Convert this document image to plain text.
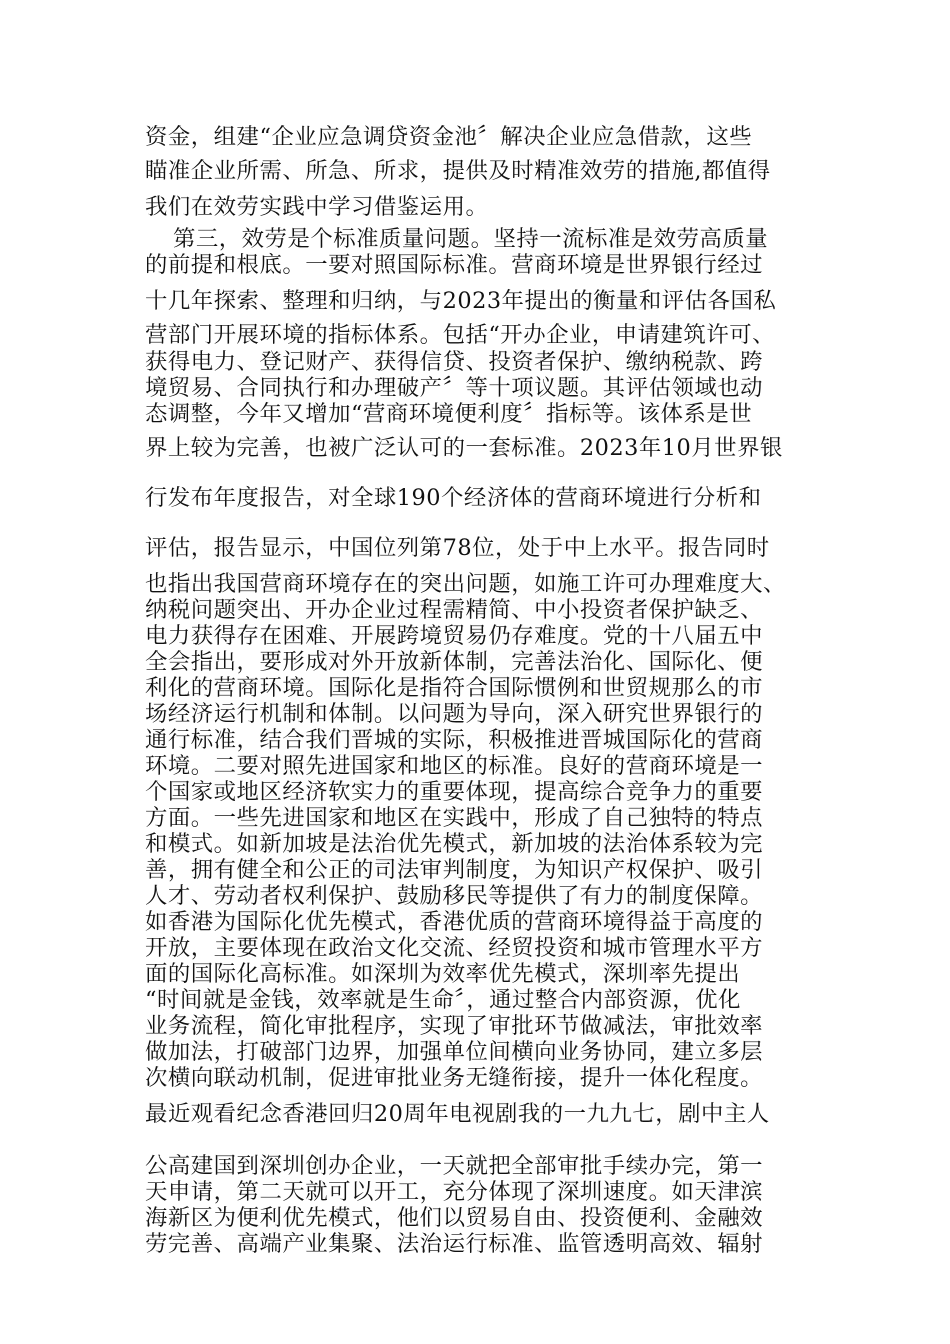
资金，组建“企业应急调贷资金池〞解决企业应急借款，这些

瞄准企业所需、所急、所求，提供及时精准效劳的措施,都值得

我们在效劳实践中学习借鉴运用。

第三，效劳是个标准质量问题。坚持一流标准是效劳高质量

的前提和根底。一要对照国际标准。营商环境是世界银行经过

十几年探索、整理和归纳，与2023年提出的衡量和评估各国私

营部门开展环境的指标体系。包括“开办企业，申请建筑许可、

获得电力、登记财产、获得信贷、投资者保护、缴纳税款、跨

境贸易、合同执行和办理破产〞等十项议题。其评估领域也动

态调整，今年又增加“营商环境便利度〞指标等。该体系是世

界上较为完善，也被广泛认可的一套标准。2023年10月世界银

行发布年度报告，对全球190个经济体的营商环境进行分析和

评估，报告显示，中国位列第78位，处于中上水平。报告同时

也指出我国营商环境存在的突出问题，如施工许可办理难度大、

纳税问题突出、开办企业过程需精简、中小投资者保护缺乏、

电力获得存在困难、开展跨境贸易仍存难度。党的十八届五中

全会指出，要形成对外开放新体制，完善法治化、国际化、便

利化的营商环境。国际化是指符合国际惯例和世贸规那么的市

场经济运行机制和体制。以问题为导向，深入研究世界银行的

通行标准，结合我们晋城的实际，积极推进晋城国际化的营商

环境。二要对照先进国家和地区的标准。良好的营商环境是一

个国家或地区经济软实力的重要体现，提高综合竞争力的重要

方面。一些先进国家和地区在实践中，形成了自己独特的特点

和模式。如新加坡是法治优先模式，新加坡的法治体系较为完

善，拥有健全和公正的司法审判制度，为知识产权保护、吸引

人才、劳动者权利保护、鼓励移民等提供了有力的制度保障。

如香港为国际化优先模式，香港优质的营商环境得益于高度的

开放，主要体现在政治文化交流、经贸投资和城市管理水平方

面的国际化高标准。如深圳为效率优先模式，深圳率先提出

“时间就是金钱，效率就是生命〞，通过整合内部资源，优化

业务流程，简化审批程序，实现了审批环节做减法，审批效率

做加法，打破部门边界，加强单位间横向业务协同，建立多层

次横向联动机制，促进审批业务无缝衔接，提升一体化程度。

最近观看纪念香港回归20周年电视剧我的一九九七，剧中主人

公高建国到深圳创办企业，一天就把全部审批手续办完，第一

天申请，第二天就可以开工，充分体现了深圳速度。如天津滨

海新区为便利优先模式，他们以贸易自由、投资便利、金融效

劳完善、高端产业集聚、法治运行标准、监管透明高效、辐射
